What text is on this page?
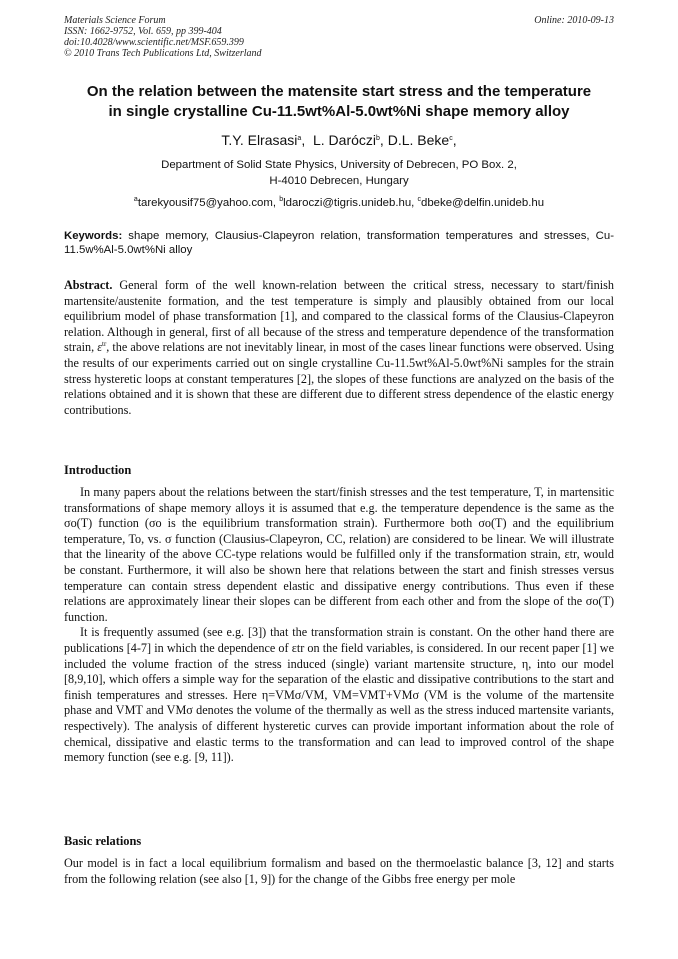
Materials Science Forum
ISSN: 1662-9752, Vol. 659, pp 399-404
doi:10.4028/www.scientific.net/MSF.659.399
© 2010 Trans Tech Publications Ltd, Switzerland
Online: 2010-09-13
On the relation between the matensite start stress and the temperature
in single crystalline Cu-11.5wt%Al-5.0wt%Ni shape memory alloy
T.Y. Elrasasi$^a$,  L. Daróczi$^b$, D.L. Beke$^c$,
Department of Solid State Physics, University of Debrecen, PO Box. 2,
H-4010 Debrecen, Hungary
$^a$tarekyousif75@yahoo.com, $^b$ldaroczi@tigris.unideb.hu, $^c$dbeke@delfin.unideb.hu
Keywords: shape memory, Clausius-Clapeyron relation, transformation temperatures and stresses, Cu-11.5w%Al-5.0wt%Ni alloy
Abstract. General form of the well known-relation between the critical stress, necessary to start/finish martensite/austenite formation, and the test temperature is simply and plausibly obtained from our local equilibrium model of phase transformation [1], and compared to the classical forms of the Clausius-Clapeyron relation. Although in general, first of all because of the stress and temperature dependence of the transformation strain, $\varepsilon^{tr}$, the above relations are not inevitably linear, in most of the cases linear functions were observed. Using the results of our experiments carried out on single crystalline Cu-11.5wt%Al-5.0wt%Ni samples for the strain stress hysteretic loops at constant temperatures [2], the slopes of these functions are analyzed on the basis of the relations obtained and it is shown that these are different due to different stress dependence of the elastic energy contributions.
Introduction

In many papers about the relations between the start/finish stresses and the test temperature, T, in martensitic transformations of shape memory alloys it is assumed that e.g. the temperature dependence is the same as the σo(T) function (σo is the equilibrium transformation strain). Furthermore both σo(T) and the equilibrium temperature, To, vs. σ function (Clausius-Clapeyron, CC, relation) are considered to be linear. We will illustrate that the linearity of the above CC-type relations would be fulfilled only if the transformation strain, εtr, would be constant. Furthermore, it will also be shown here that relations between the start and finish stresses versus temperature can contain stress dependent elastic and dissipative energy contributions. Thus even if these relations are approximately linear their slopes can be different from each other and from the slope of the σo(T) function.

It is frequently assumed (see e.g. [3]) that the transformation strain is constant. On the other hand there are publications [4-7] in which the dependence of εtr on the field variables, is considered. In our recent paper [1] we included the volume fraction of the stress induced (single) variant martensite structure, η, into our model [8,9,10], which offers a simple way for the separation of the elastic and dissipative contributions to the start and finish temperatures and stresses. Here η=VMσ/VM, VM=VMT+VMσ (VM is the volume of the martensite phase and VMT and VMσ denotes the volume of the thermally as well as the stress induced martensite variants, respectively). The analysis of different hysteretic curves can provide important information about the role of chemical, dissipative and elastic terms to the transformation and can lead to improved control of the shape memory function (see e.g. [9, 11]).

Basic relations

Our model is in fact a local equilibrium formalism and based on the thermoelastic balance [3, 12] and starts from the following relation (see also [1, 9]) for the change of the Gibbs free energy per mole
